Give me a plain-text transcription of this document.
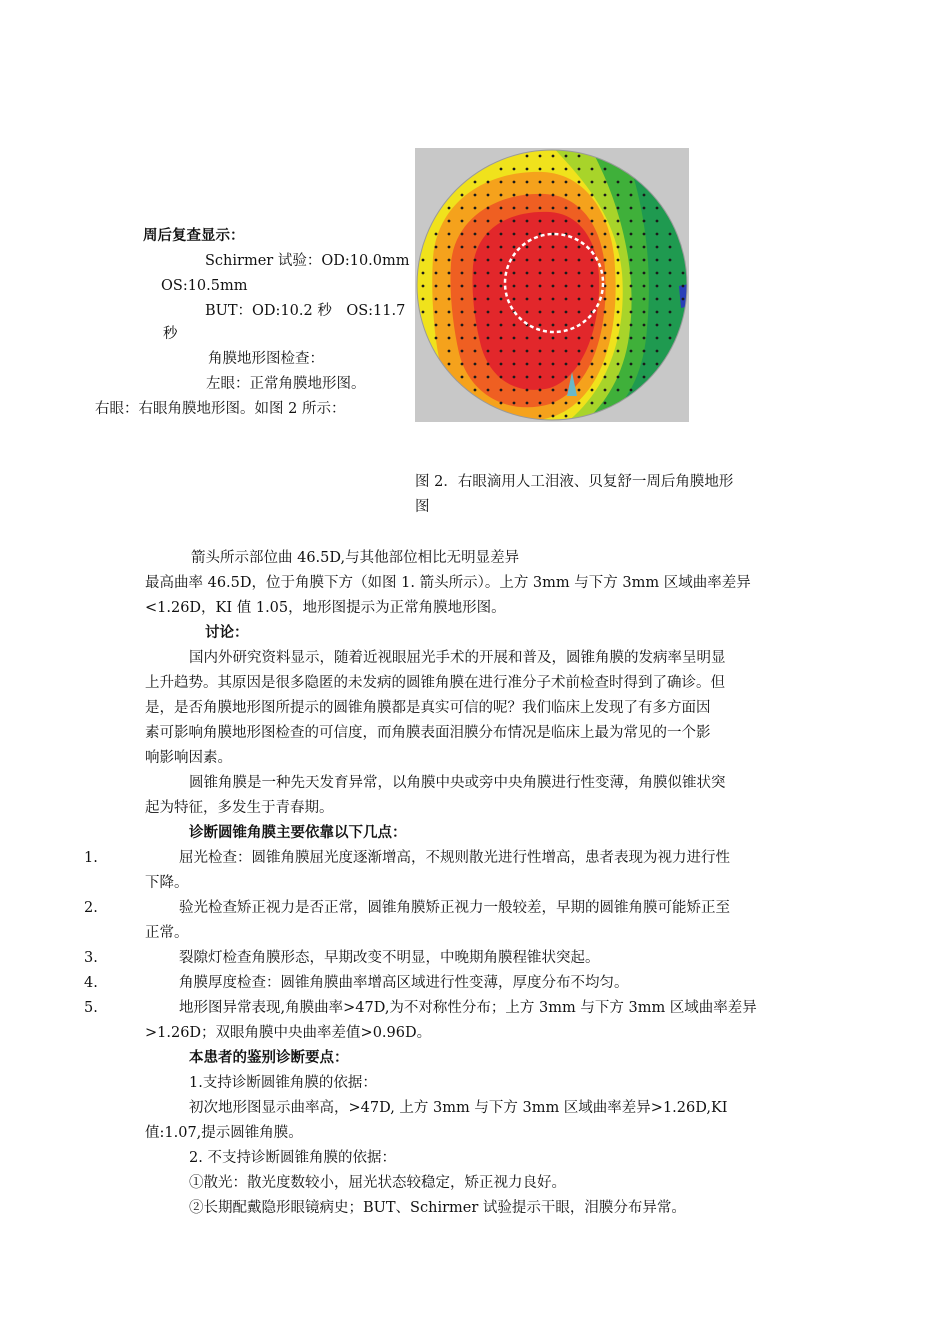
周后复查显示：
Schirmer 试验：OD:10.0mm
OS:10.5mm
BUT：OD:10.2 秒　OS:11.7
秒
角膜地形图检查：
左眼：正常角膜地形图。
右眼：右眼角膜地形图。如图 2 所示：
图 2．右眼滴用人工泪液、贝复舒一周后角膜地形
图
箭头所示部位曲 46.5D,与其他部位相比无明显差异
最高曲率 46.5D，位于角膜下方（如图 1. 箭头所示）。上方 3mm 与下方 3mm 区域曲率差异
<1.26D，KI 值 1.05，地形图提示为正常角膜地形图。
讨论：
国内外研究资料显示，随着近视眼屈光手术的开展和普及，圆锥角膜的发病率呈明显
上升趋势。其原因是很多隐匿的未发病的圆锥角膜在进行准分子术前检查时得到了确诊。但
是，是否角膜地形图所提示的圆锥角膜都是真实可信的呢？我们临床上发现了有多方面因
素可影响角膜地形图检查的可信度，而角膜表面泪膜分布情况是临床上最为常见的一个影
响影响因素。
圆锥角膜是一种先天发育异常，以角膜中央或旁中央角膜进行性变薄，角膜似锥状突
起为特征，多发生于青春期。
诊断圆锥角膜主要依靠以下几点：
1.	屈光检查：圆锥角膜屈光度逐渐增高，不规则散光进行性增高，患者表现为视力进行性
下降。
2.	验光检查矫正视力是否正常，圆锥角膜矫正视力一般较差，早期的圆锥角膜可能矫正至
正常。
3.	裂隙灯检查角膜形态，早期改变不明显，中晚期角膜程锥状突起。
4.	角膜厚度检查：圆锥角膜曲率增高区域进行性变薄，厚度分布不均匀。
5.	地形图异常表现,角膜曲率>47D,为不对称性分布；上方 3mm 与下方 3mm 区域曲率差异
>1.26D；双眼角膜中央曲率差值>0.96D。
本患者的鉴别诊断要点：
1.支持诊断圆锥角膜的依据：
初次地形图显示曲率高，>47D, 上方 3mm 与下方 3mm 区域曲率差异>1.26D,KI
值:1.07,提示圆锥角膜。
2. 不支持诊断圆锥角膜的依据：
①散光：散光度数较小，屈光状态较稳定，矫正视力良好。
②长期配戴隐形眼镜病史；BUT、Schirmer 试验提示干眼，泪膜分布异常。
